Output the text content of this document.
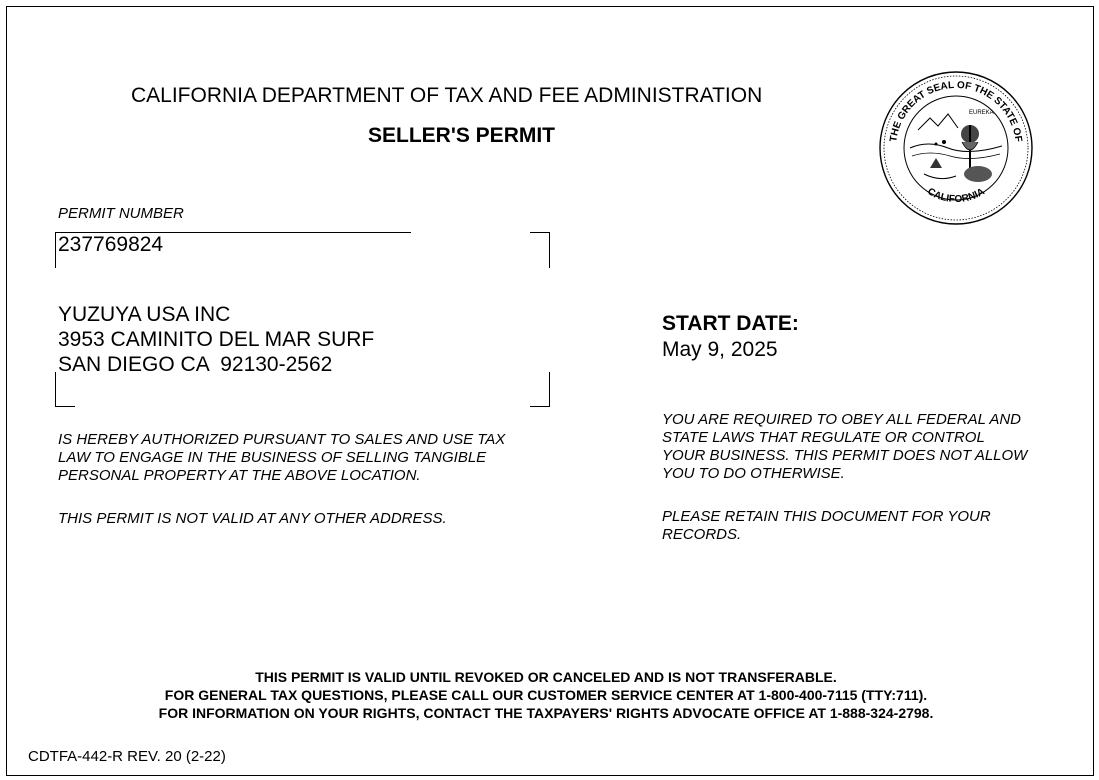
CALIFORNIA DEPARTMENT OF TAX AND FEE ADMINISTRATION
SELLER'S PERMIT	THE GREAT SEAL OF THE STATE OF
CALIFORNIA
EUREKA
PERMIT NUMBER
237769824
YUZUYA USA INC
3953 CAMINITO DEL MAR SURF
SAN DIEGO CA  92130-2562
START DATE:
May 9, 2025
IS HEREBY AUTHORIZED PURSUANT TO SALES AND USE TAX
LAW TO ENGAGE IN THE BUSINESS OF SELLING TANGIBLE
PERSONAL PROPERTY AT THE ABOVE LOCATION.
THIS PERMIT IS NOT VALID AT ANY OTHER ADDRESS.
YOU ARE REQUIRED TO OBEY ALL FEDERAL AND
STATE LAWS THAT REGULATE OR CONTROL
YOUR BUSINESS. THIS PERMIT DOES NOT ALLOW
YOU TO DO OTHERWISE.
PLEASE RETAIN THIS DOCUMENT FOR YOUR
RECORDS.
THIS PERMIT IS VALID UNTIL REVOKED OR CANCELED AND IS NOT TRANSFERABLE.
FOR GENERAL TAX QUESTIONS, PLEASE CALL OUR CUSTOMER SERVICE CENTER AT 1-800-400-7115 (TTY:711).
FOR INFORMATION ON YOUR RIGHTS, CONTACT THE TAXPAYERS' RIGHTS ADVOCATE OFFICE AT 1-888-324-2798.
CDTFA-442-R REV. 20 (2-22)
